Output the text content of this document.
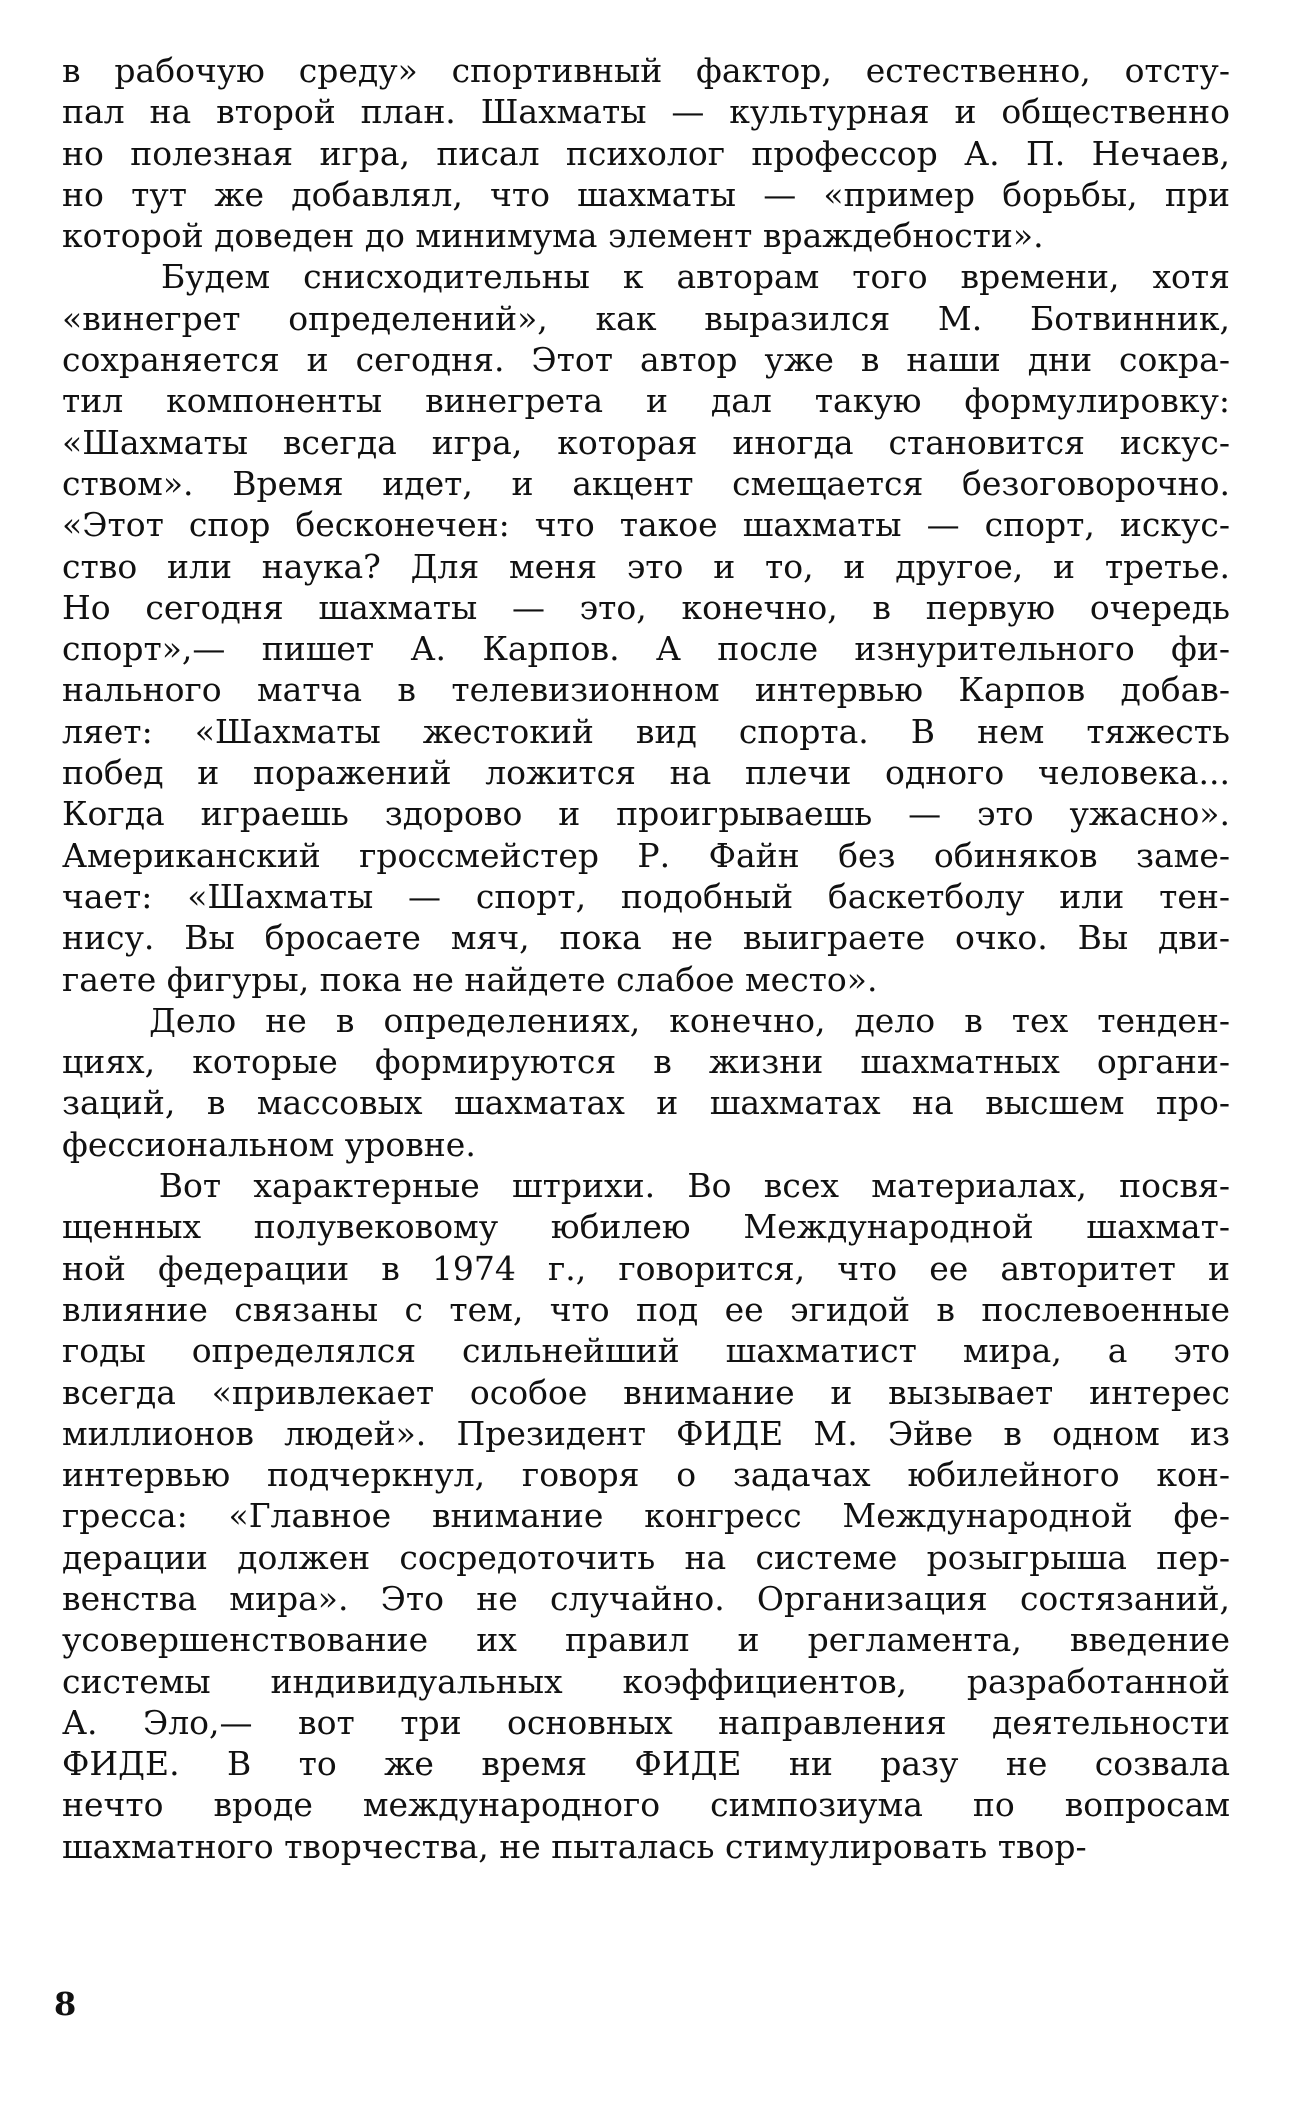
в рабочую среду» спортивный фактор, естественно, отсту-
пал на второй план. Шахматы — культурная и общественно
но полезная игра, писал психолог профессор А. П. Нечаев,
но тут же добавлял, что шахматы — «пример борьбы, при
которой доведен до минимума элемент враждебности».
Будем снисходительны к авторам того времени, хотя
«винегрет определений», как выразился М. Ботвинник,
сохраняется и сегодня. Этот автор уже в наши дни сокра-
тил компоненты винегрета и дал такую формулировку:
«Шахматы всегда игра, которая иногда становится искус-
ством». Время идет, и акцент смещается безоговорочно.
«Этот спор бесконечен: что такое шахматы — спорт, искус-
ство или наука? Для меня это и то, и другое, и третье.
Но сегодня шахматы — это, конечно, в первую очередь
спорт»,— пишет А. Карпов. А после изнурительного фи-
нального матча в телевизионном интервью Карпов добав-
ляет: «Шахматы жестокий вид спорта. В нем тяжесть
побед и поражений ложится на плечи одного человека...
Когда играешь здорово и проигрываешь — это ужасно».
Американский гроссмейстер Р. Файн без обиняков заме-
чает: «Шахматы — спорт, подобный баскетболу или тен-
нису. Вы бросаете мяч, пока не выиграете очко. Вы дви-
гаете фигуры, пока не найдете слабое место».
Дело не в определениях, конечно, дело в тех тенден-
циях, которые формируются в жизни шахматных органи-
заций, в массовых шахматах и шахматах на высшем про-
фессиональном уровне.
Вот характерные штрихи. Во всех материалах, посвя-
щенных полувековому юбилею Международной шахмат-
ной федерации в 1974 г., говорится, что ее авторитет и
влияние связаны с тем, что под ее эгидой в послевоенные
годы определялся сильнейший шахматист мира, а это
всегда «привлекает особое внимание и вызывает интерес
миллионов людей». Президент ФИДЕ М. Эйве в одном из
интервью подчеркнул, говоря о задачах юбилейного кон-
гресса: «Главное внимание конгресс Международной фе-
дерации должен сосредоточить на системе розыгрыша пер-
венства мира». Это не случайно. Организация состязаний,
усовершенствование их правил и регламента, введение
системы индивидуальных коэффициентов, разработанной
А. Эло,— вот три основных направления деятельности
ФИДЕ. В то же время ФИДЕ ни разу не созвала
нечто вроде международного симпозиума по вопросам
шахматного творчества, не пыталась стимулировать твор-
8
